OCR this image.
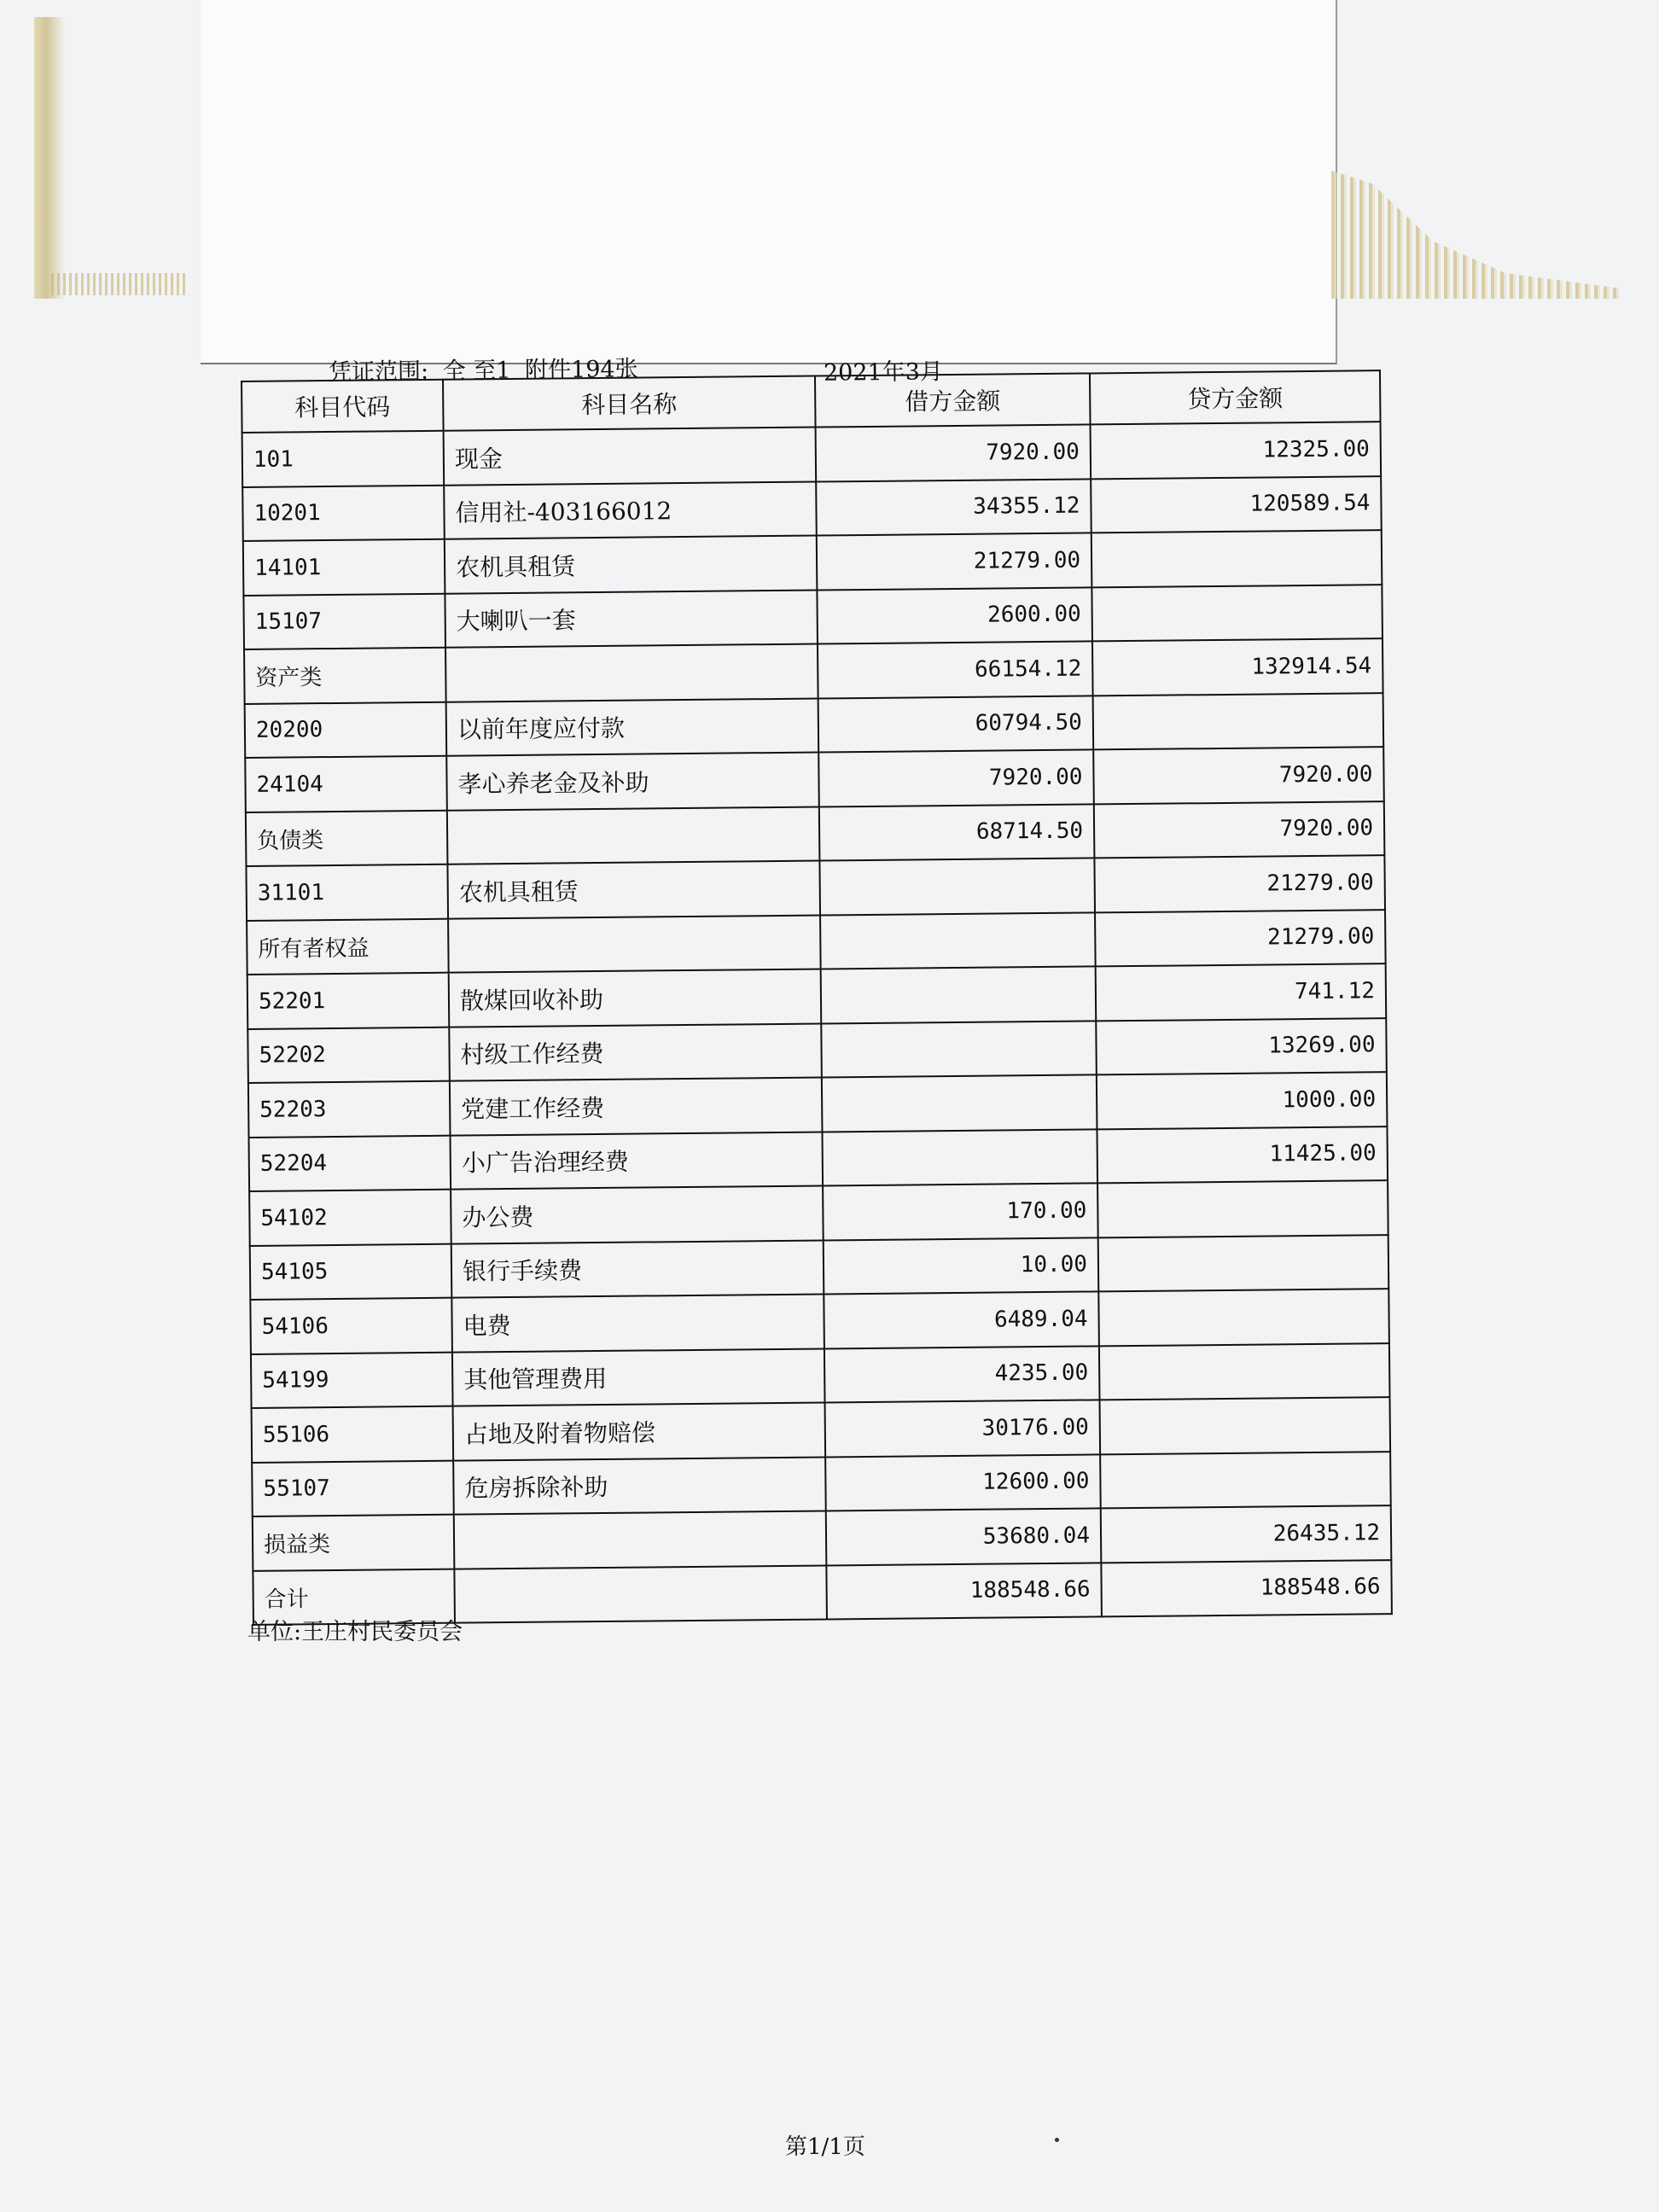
凭证范围: 全 至1 附件194张	2021年3月
科目代码	科目名称	借方金额	贷方金额
101	现金	7920.00	12325.00
10201	信用社-403166012	34355.12	120589.54
14101	农机具租赁	21279.00	
15107	大喇叭一套	2600.00	
资产类		66154.12	132914.54
20200	以前年度应付款	60794.50	
24104	孝心养老金及补助	7920.00	7920.00
负债类		68714.50	7920.00
31101	农机具租赁		21279.00
所有者权益			21279.00
52201	散煤回收补助		741.12
52202	村级工作经费		13269.00
52203	党建工作经费		1000.00
52204	小广告治理经费		11425.00
54102	办公费	170.00	
54105	银行手续费	10.00	
54106	电费	6489.04	
54199	其他管理费用	4235.00	
55106	占地及附着物赔偿	30176.00	
55107	危房拆除补助	12600.00	
损益类		53680.04	26435.12
合计		188548.66	188548.66
单位:王庄村民委员会
第1/1页
